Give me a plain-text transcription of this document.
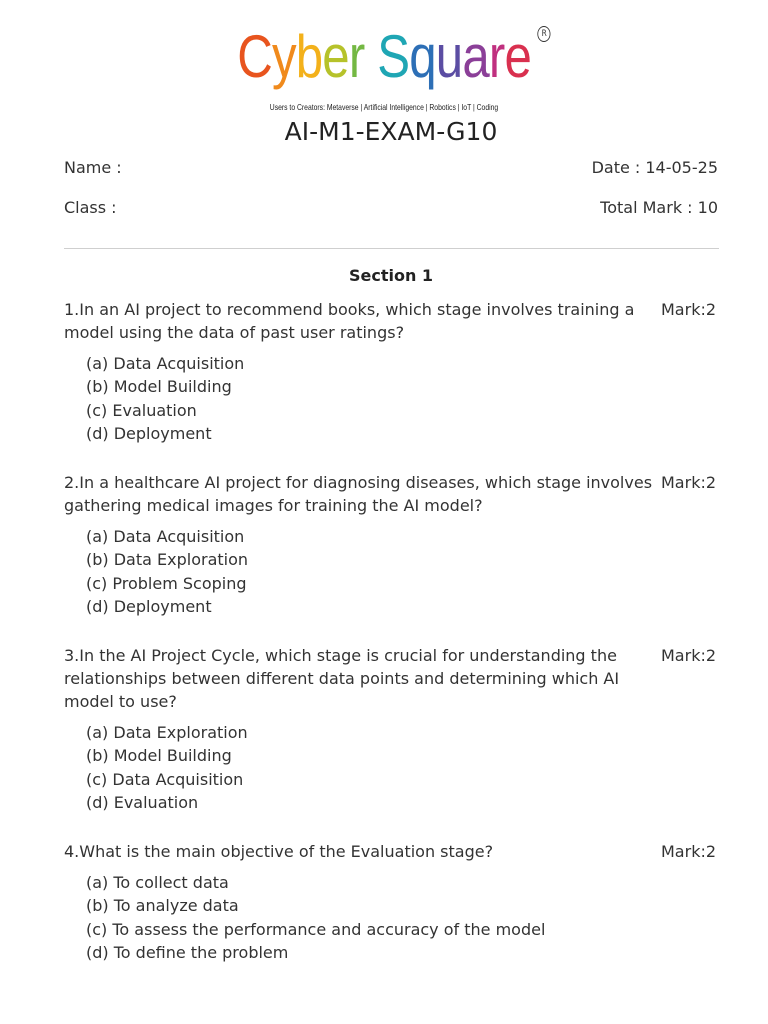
Cyber Square	R
Users to Creators: Metaverse | Artificial Intelligence | Robotics | IoT | Coding
AI-M1-EXAM-G10
Name :	Date : 14-05-25
Class :	Total Mark : 10
Section 1
1.In an AI project to recommend books, which stage involves training a model using the data of past user ratings?
Mark:2
(a) Data Acquisition
(b) Model Building
(c) Evaluation
(d) Deployment
2.In a healthcare AI project for diagnosing diseases, which stage involves gathering medical images for training the AI model?
Mark:2
(a) Data Acquisition
(b) Data Exploration
(c) Problem Scoping
(d) Deployment
3.In the AI Project Cycle, which stage is crucial for understanding the relationships between different data points and determining which AI model to use?
Mark:2
(a) Data Exploration
(b) Model Building
(c) Data Acquisition
(d) Evaluation
4.What is the main objective of the Evaluation stage?	Mark:2
(a) To collect data
(b) To analyze data
(c) To assess the performance and accuracy of the model
(d) To define the problem
